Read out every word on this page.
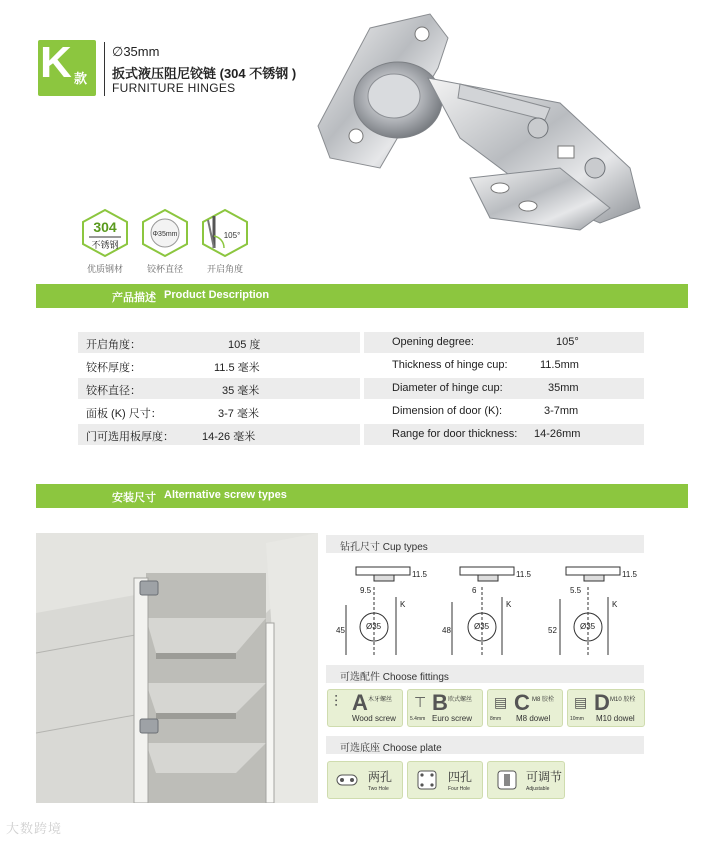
K 款
∅35mm
扳式液压阻尼铰链 (304 不锈钢 )
FURNITURE HINGES
304
不锈钢
优质钢材
Φ35mm
铰杯直径
105°
开启角度
产品描述 Product Description
开启角度：	105 度	Opening degree:	105°
铰杯厚度：	11.5 毫米	Thickness of hinge cup:	11.5mm
铰杯直径：	35 毫米	Diameter of hinge cup:	35mm
面板 (K) 尺寸：	3-7 毫米	Dimension of door (K):	3-7mm
门可选用板厚度：	14-26 毫米	Range for door thickness: 14-26mm
安装尺寸 Alternative screw types
钻孔尺寸 Cup types
9.5
11.5
45	Ø35
K
6
11.5
48	Ø35
K
5.5
11.5
52	Ø35
K
可选配件 Choose fittings
⫶ A 木牙螺丝
Wood screw
⊤
5.4mm
B 欧式螺丝
Euro screw
▤
8mm
C M8 胶栓
M8 dowel
▤
10mm
D M10 胶栓
M10 dowel
可选底座 Choose plate
两孔
Two Hole
四孔
Four Hole
可调节
Adjustable
大数跨境
